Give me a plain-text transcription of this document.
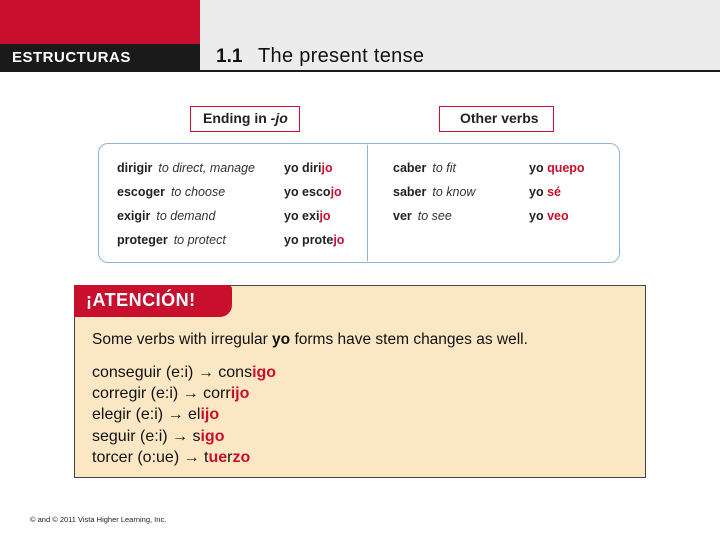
ESTRUCTURAS	1.1 The present tense
Ending in -jo	Other verbs
dirigir to direct, manage yo dirijo
escoger to choose	yo escojo
exigir to demand	yo exijo
proteger to protect	yo protejo
caber to fit	yo quepo
saber to know	yo sé
ver to see	yo veo
¡ATENCIÓN!
Some verbs with irregular yo forms have stem changes as well.
conseguir (e:i) → consigo
corregir (e:i) → corrijo
elegir (e:i) → elijo
seguir (e:i) → sigo
torcer (o:ue) → tuerzo
© and © 2011 Vista Higher Learning, Inc.
